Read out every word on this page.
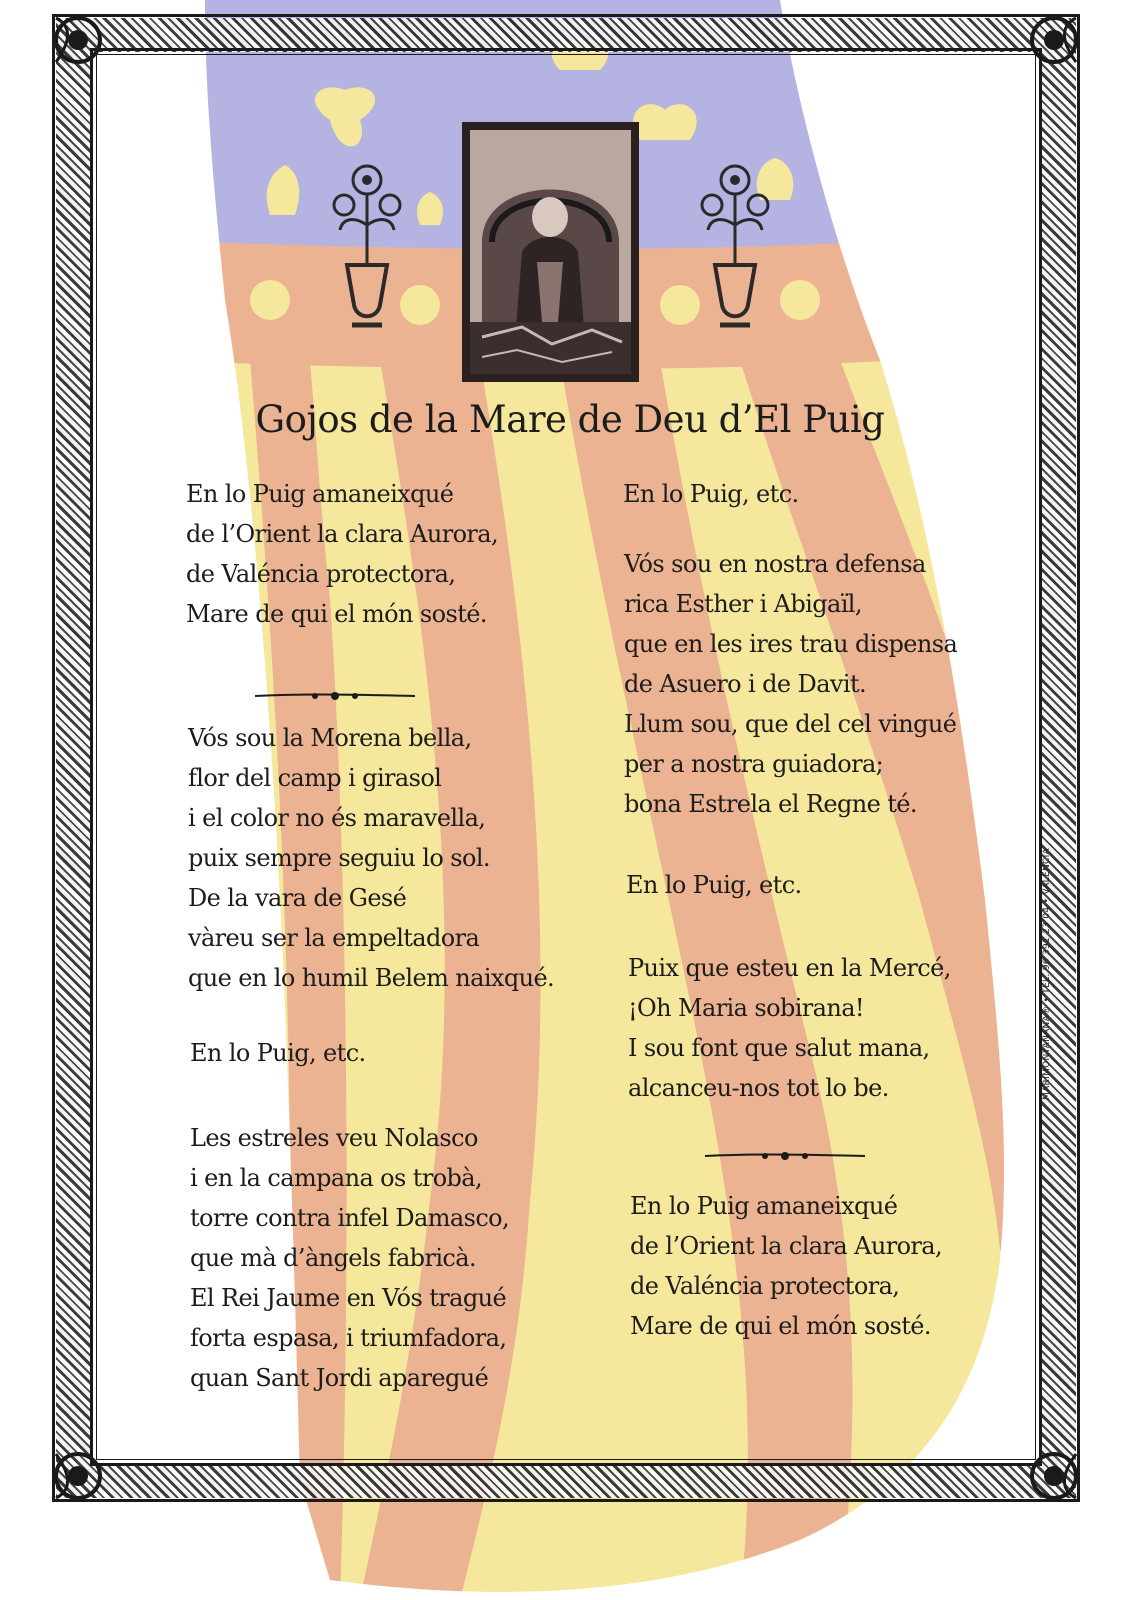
Gojos de la Mare de Deu d’El Puig
En lo Puig amaneixqué
de l’Orient la clara Aurora,
de Valéncia protectora,
Mare de qui el món sosté.
Vós sou la Morena bella,
flor del camp i girasol
i el color no és maravella,
puix sempre seguiu lo sol.
De la vara de Gesé
vàreu ser la empeltadora
que en lo humil Belem naixqué.
En lo Puig, etc.
Les estreles veu Nolasco
i en la campana os trobà,
torre contra infel Damasco,
que mà d’àngels fabricà.
El Rei Jaume en Vós tragué
forta espasa, i triumfadora,
quan Sant Jordi aparegué
En lo Puig, etc.
Vós sou en nostra defensa
rica Esther i Abigaïl,
que en les ires trau dispensa
de Asuero i de Davit.
Llum sou, que del cel vingué
per a nostra guiadora;
bona Estrela el Regne té.
En lo Puig, etc.
Puix que esteu en la Mercé,
¡Oh Maria sobirana!
I sou font que salut mana,
alcanceu-nos tot lo be.
En lo Puig amaneixqué
de l’Orient la clara Aurora,
de Valéncia protectora,
Mare de qui el món sosté.
MARIMONTAÑANA® • TEL. 96 391 23 04 • VALENCIA
